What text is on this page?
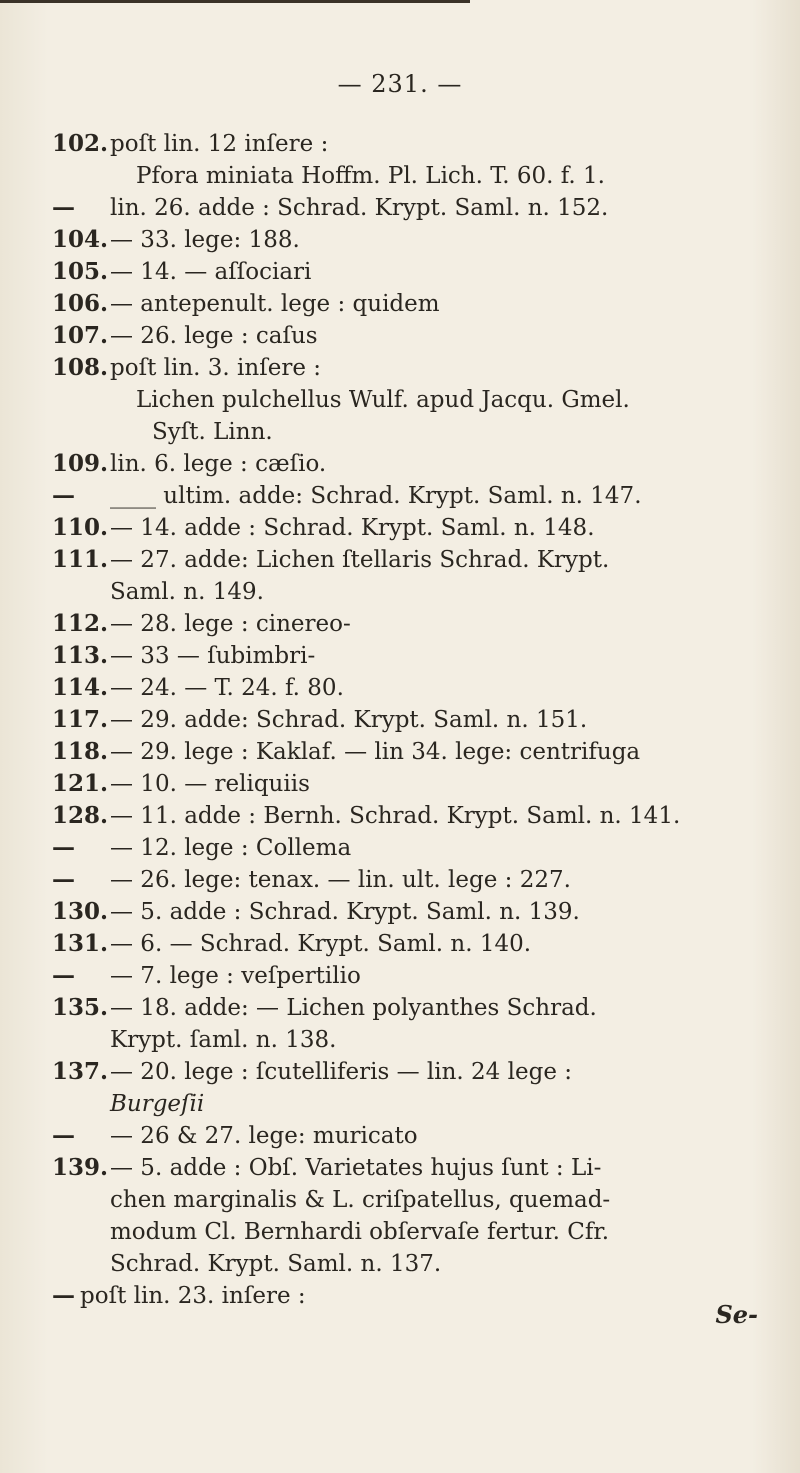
— 231. —
102. poſt lin. 12 inſere :
Pfora miniata Hoffm. Pl. Lich. T. 60. f. 1.
—	lin. 26. adde : Schrad. Krypt. Saml. n. 152.
104. — 33. lege: 188.
105. — 14. — aſſociari
106. — antepenult. lege : quidem
107. — 26. lege : caſus
108. poſt lin. 3. inſere :
Lichen pulchellus Wulf. apud Jacqu. Gmel.
Syſt. Linn.
109. lin. 6. lege : cæſio.
—	____ ultim. adde: Schrad. Krypt. Saml. n. 147.
110. — 14. adde : Schrad. Krypt. Saml. n. 148.
111. — 27. adde: Lichen ſtellaris Schrad. Krypt.
Saml. n. 149.
112. — 28. lege : cinereo-
113. — 33 — ſubimbri-
114. — 24. — T. 24. f. 80.
117. — 29. adde: Schrad. Krypt. Saml. n. 151.
118. — 29. lege : Kaklaf. — lin 34. lege: centrifuga
121. — 10. — reliquiis
128. — 11. adde : Bernh. Schrad. Krypt. Saml. n. 141.
—	— 12. lege : Collema
—	— 26. lege: tenax. — lin. ult. lege : 227.
130. — 5. adde : Schrad. Krypt. Saml. n. 139.
131. — 6. — Schrad. Krypt. Saml. n. 140.
—	— 7. lege : veſpertilio
135. — 18. adde: — Lichen polyanthes Schrad.
Krypt. ſaml. n. 138.
137. — 20. lege : ſcutelliferis — lin. 24 lege :
Burgeſii
—	— 26 & 27. lege: muricato
139. — 5. adde : Obſ. Varietates hujus ſunt : Li-
chen marginalis & L. criſpatellus, quemad-
modum Cl. Bernhardi obſervaſe fertur. Cfr.
Schrad. Krypt. Saml. n. 137.
— poſt lin. 23. inſere :
Se-
